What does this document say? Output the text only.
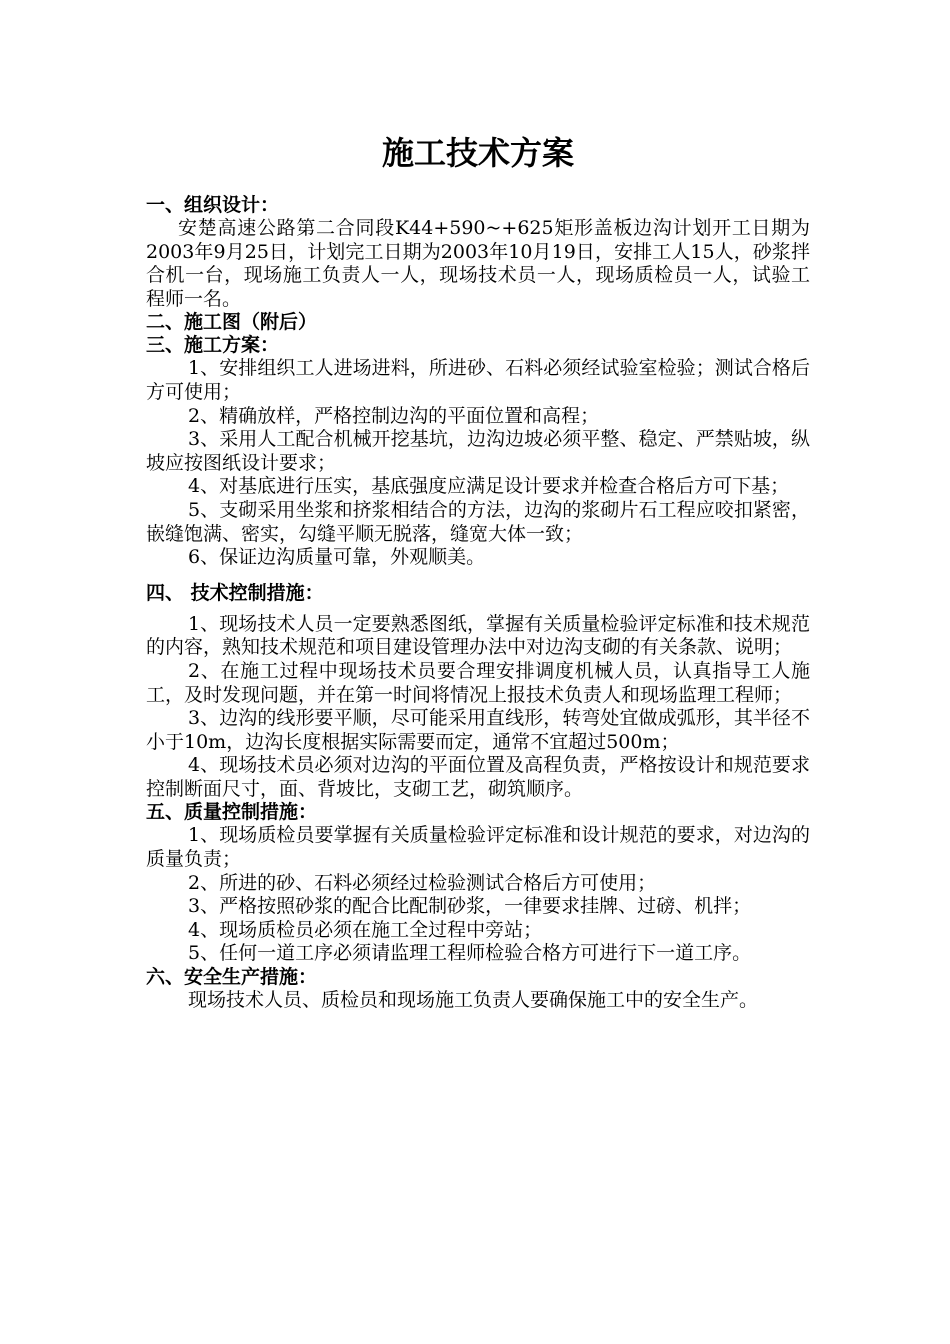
施工技术方案

一、组织设计：

安楚高速公路第二合同段K44+590~+625矩形盖板边沟计划开工日期为2003年9月25日，计划完工日期为2003年10月19日，安排工人15人，砂浆拌合机一台，现场施工负责人一人，现场技术员一人，现场质检员一人，试验工程师一名。

二、施工图（附后）

三、施工方案：

1、安排组织工人进场进料，所进砂、石料必须经试验室检验；测试合格后方可使用；

2、精确放样，严格控制边沟的平面位置和高程；

3、采用人工配合机械开挖基坑，边沟边坡必须平整、稳定、严禁贴坡，纵坡应按图纸设计要求；

4、对基底进行压实，基底强度应满足设计要求并检查合格后方可下基；

5、支砌采用坐浆和挤浆相结合的方法，边沟的浆砌片石工程应咬扣紧密，嵌缝饱满、密实，勾缝平顺无脱落，缝宽大体一致；

6、保证边沟质量可靠，外观顺美。

四、 技术控制措施：

1、现场技术人员一定要熟悉图纸，掌握有关质量检验评定标准和技术规范的内容，熟知技术规范和项目建设管理办法中对边沟支砌的有关条款、说明；

2、在施工过程中现场技术员要合理安排调度机械人员，认真指导工人施工，及时发现问题，并在第一时间将情况上报技术负责人和现场监理工程师；

3、边沟的线形要平顺，尽可能采用直线形，转弯处宜做成弧形，其半径不小于10m，边沟长度根据实际需要而定，通常不宜超过500m；

4、现场技术员必须对边沟的平面位置及高程负责，严格按设计和规范要求控制断面尺寸，面、背坡比，支砌工艺，砌筑顺序。

五、质量控制措施：

1、现场质检员要掌握有关质量检验评定标准和设计规范的要求，对边沟的质量负责；

2、所进的砂、石料必须经过检验测试合格后方可使用；

3、严格按照砂浆的配合比配制砂浆，一律要求挂牌、过磅、机拌；

4、现场质检员必须在施工全过程中旁站；

5、任何一道工序必须请监理工程师检验合格方可进行下一道工序。

六、安全生产措施：

现场技术人员、质检员和现场施工负责人要确保施工中的安全生产。
